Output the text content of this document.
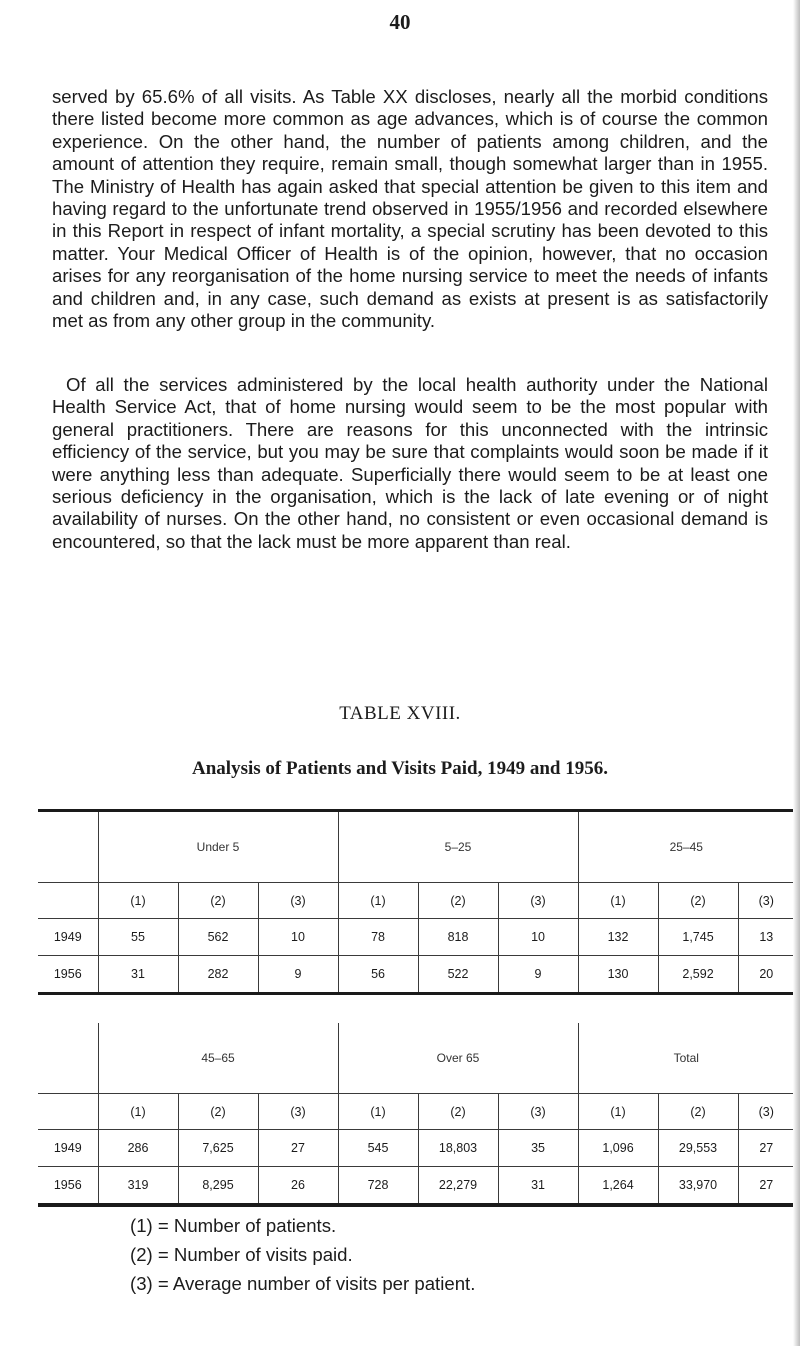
40

served by 65.6% of all visits. As Table XX discloses, nearly all the morbid conditions there listed become more common as age advances, which is of course the common experience. On the other hand, the number of patients among children, and the amount of attention they require, remain small, though somewhat larger than in 1955. The Ministry of Health has again asked that special attention be given to this item and having regard to the unfortunate trend observed in 1955/1956 and recorded elsewhere in this Report in respect of infant mortality, a special scrutiny has been devoted to this matter. Your Medical Officer of Health is of the opinion, however, that no occasion arises for any reorganisation of the home nursing service to meet the needs of infants and children and, in any case, such demand as exists at present is as satisfactorily met as from any other group in the community.

Of all the services administered by the local health authority under the National Health Service Act, that of home nursing would seem to be the most popular with general practitioners. There are reasons for this unconnected with the intrinsic efficiency of the service, but you may be sure that complaints would soon be made if it were anything less than adequate. Superficially there would seem to be at least one serious deficiency in the organisation, which is the lack of late evening or of night availability of nurses. On the other hand, no consistent or even occasional demand is encountered, so that the lack must be more apparent than real.

TABLE XVIII.
Analysis of Patients and Visits Paid, 1949 and 1956.
	Under 5			5–25			25–45		
	(1)	(2)	(3)	(1)	(2)	(3)	(1)	(2)	(3)
1949	55	562	10	78	818	10	132	1,745	13
1956	31	282	9	56	522	9	130	2,592	20
	45–65			Over 65			Total		
	(1)	(2)	(3)	(1)	(2)	(3)	(1)	(2)	(3)
1949	286	7,625	27	545	18,803	35	1,096	29,553	27
1956	319	8,295	26	728	22,279	31	1,264	33,970	27
(1) = Number of patients.
(2) = Number of visits paid.
(3) = Average number of visits per patient.
